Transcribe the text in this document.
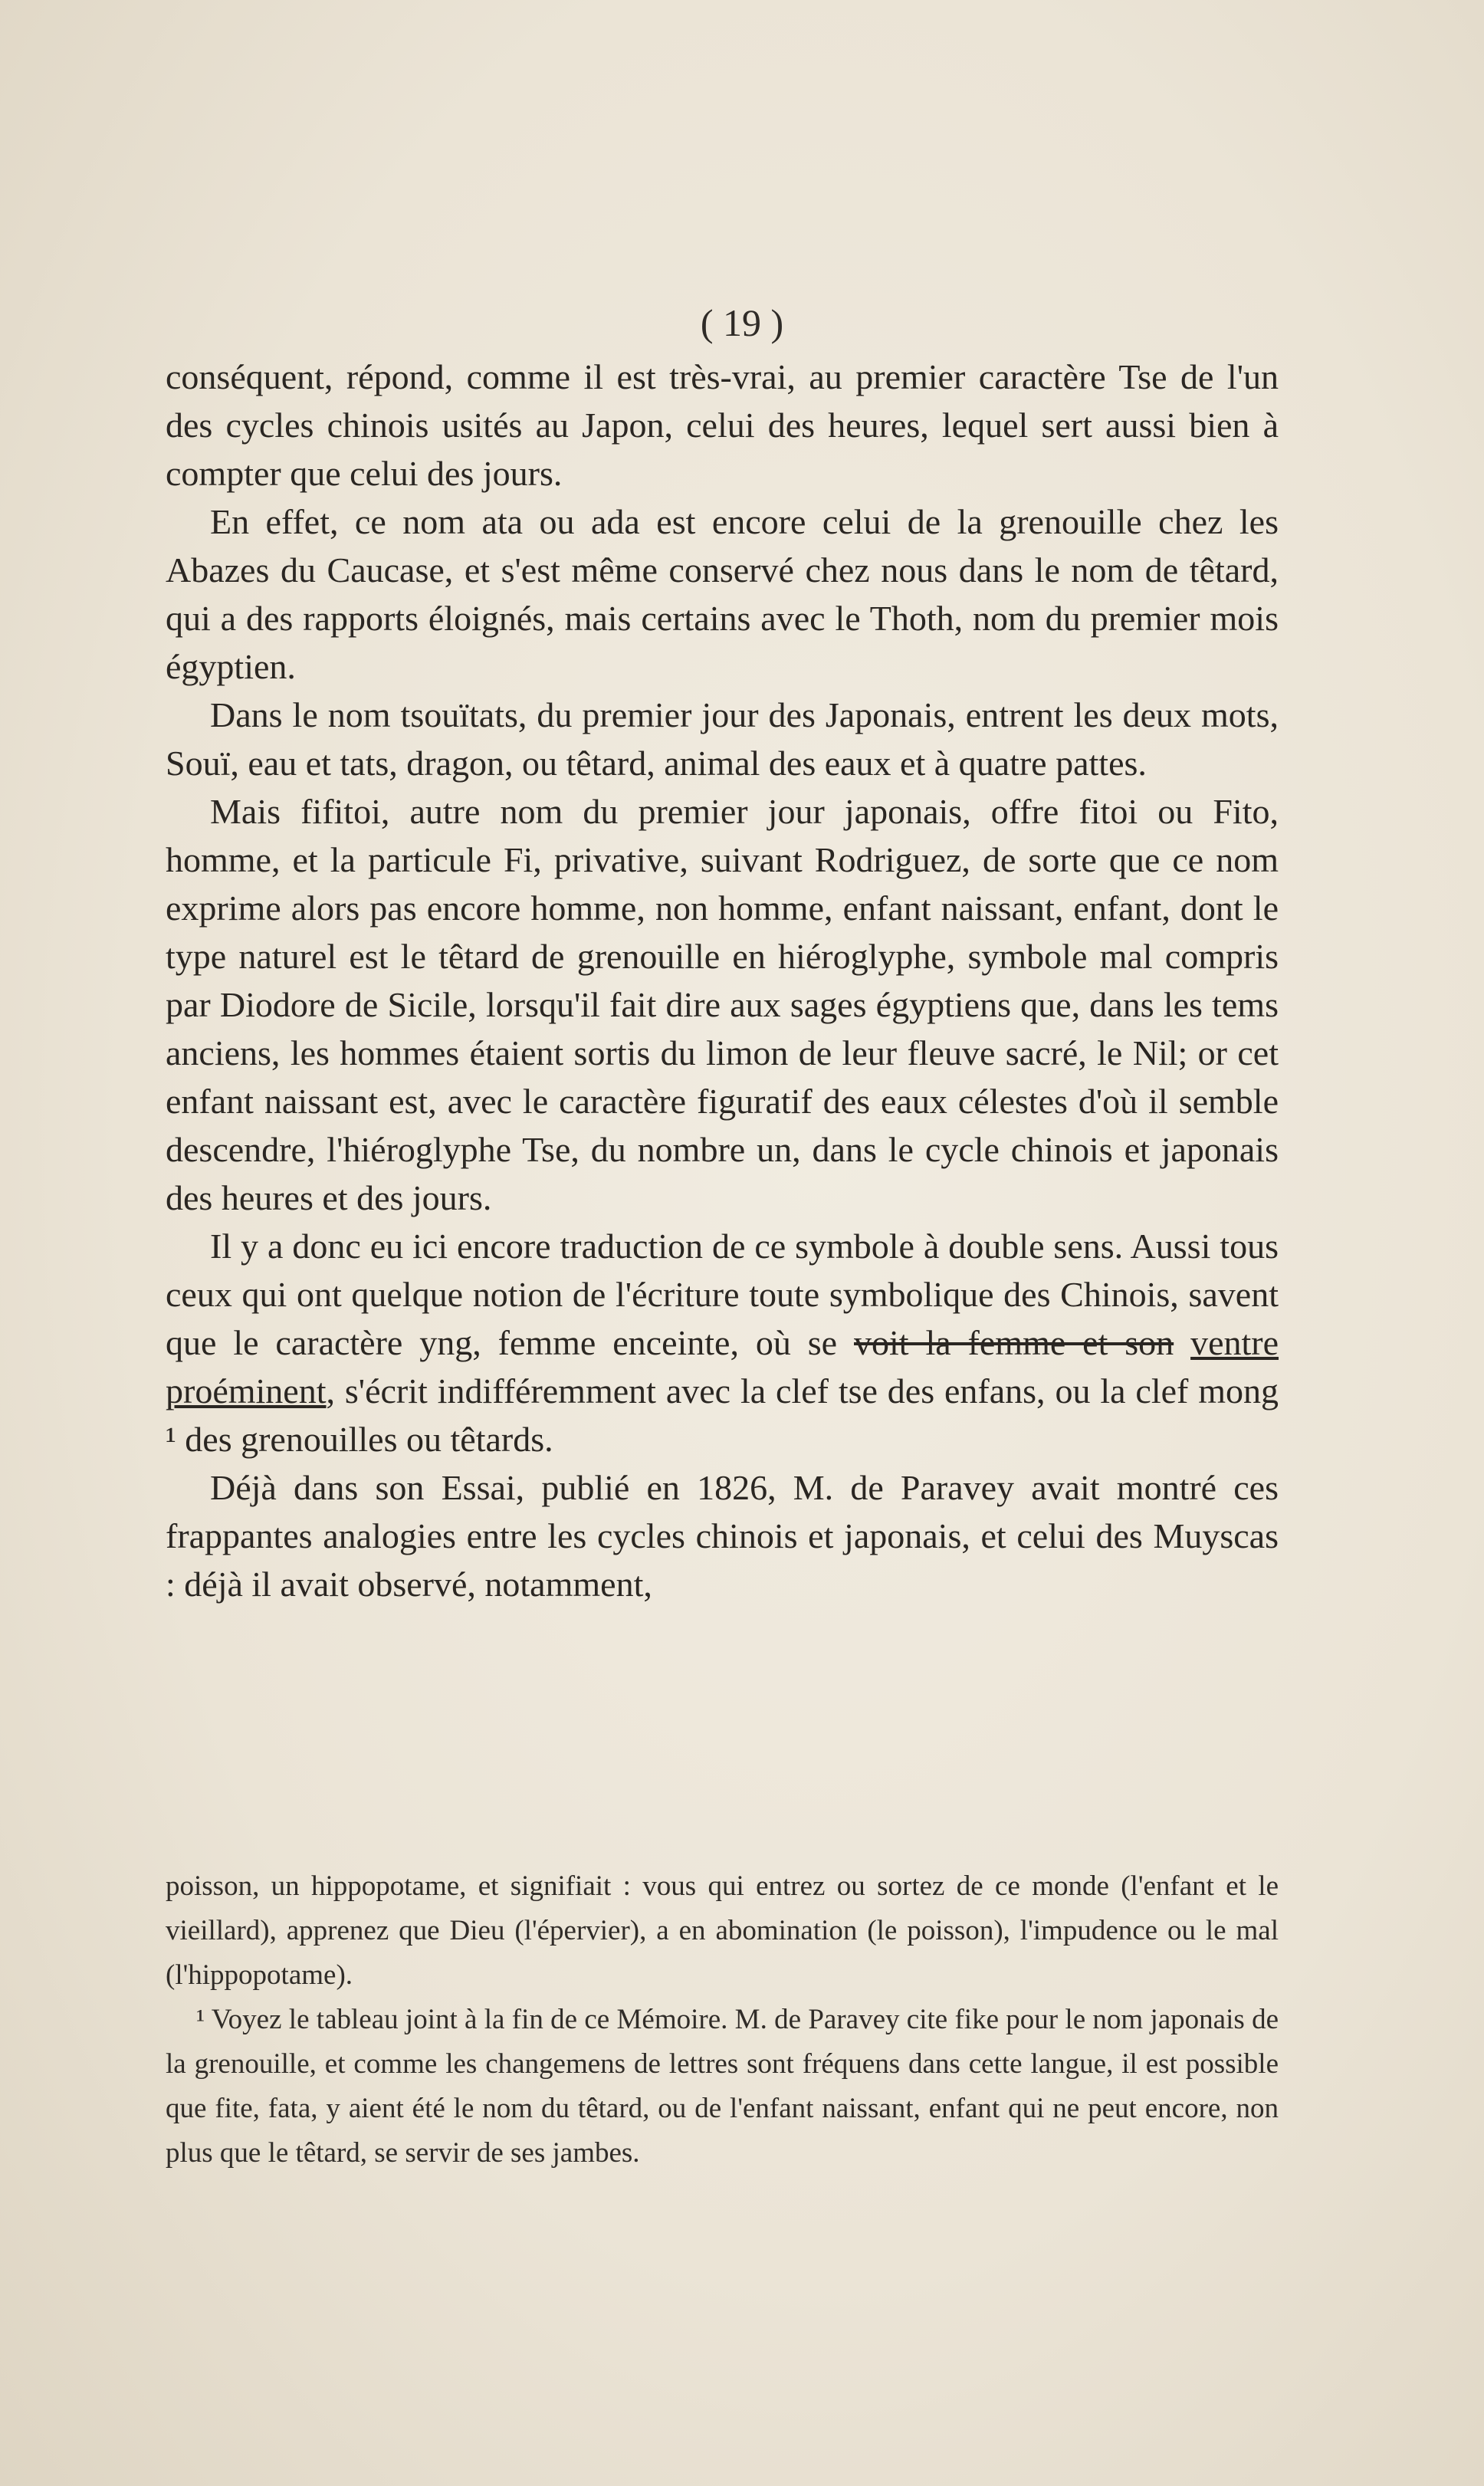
( 19 )

conséquent, répond, comme il est très-vrai, au premier caractère Tse de l'un des cycles chinois usités au Japon, celui des heures, lequel sert aussi bien à compter que celui des jours.

En effet, ce nom ata ou ada est encore celui de la grenouille chez les Abazes du Caucase, et s'est même conservé chez nous dans le nom de têtard, qui a des rapports éloignés, mais certains avec le Thoth, nom du premier mois égyptien.

Dans le nom tsouïtats, du premier jour des Japonais, entrent les deux mots, Souï, eau et tats, dragon, ou têtard, animal des eaux et à quatre pattes.

Mais fifitoi, autre nom du premier jour japonais, offre fitoi ou Fito, homme, et la particule Fi, privative, suivant Rodriguez, de sorte que ce nom exprime alors pas encore homme, non homme, enfant naissant, enfant, dont le type naturel est le têtard de grenouille en hiéroglyphe, symbole mal compris par Diodore de Sicile, lorsqu'il fait dire aux sages égyptiens que, dans les tems anciens, les hommes étaient sortis du limon de leur fleuve sacré, le Nil; or cet enfant naissant est, avec le caractère figuratif des eaux célestes d'où il semble descendre, l'hiéroglyphe Tse, du nombre un, dans le cycle chinois et japonais des heures et des jours.

Il y a donc eu ici encore traduction de ce symbole à double sens. Aussi tous ceux qui ont quelque notion de l'écriture toute symbolique des Chinois, savent que le caractère yng, femme enceinte, où se voit la femme et son ventre proéminent, s'écrit indifféremment avec la clef tse des enfans, ou la clef mong ¹ des grenouilles ou têtards.

Déjà dans son Essai, publié en 1826, M. de Paravey avait montré ces frappantes analogies entre les cycles chinois et japonais, et celui des Muyscas : déjà il avait observé, notamment,

poisson, un hippopotame, et signifiait : vous qui entrez ou sortez de ce monde (l'enfant et le vieillard), apprenez que Dieu (l'épervier), a en abomination (le poisson), l'impudence ou le mal (l'hippopotame).

¹ Voyez le tableau joint à la fin de ce Mémoire. M. de Paravey cite fike pour le nom japonais de la grenouille, et comme les changemens de lettres sont fréquens dans cette langue, il est possible que fite, fata, y aient été le nom du têtard, ou de l'enfant naissant, enfant qui ne peut encore, non plus que le têtard, se servir de ses jambes.
